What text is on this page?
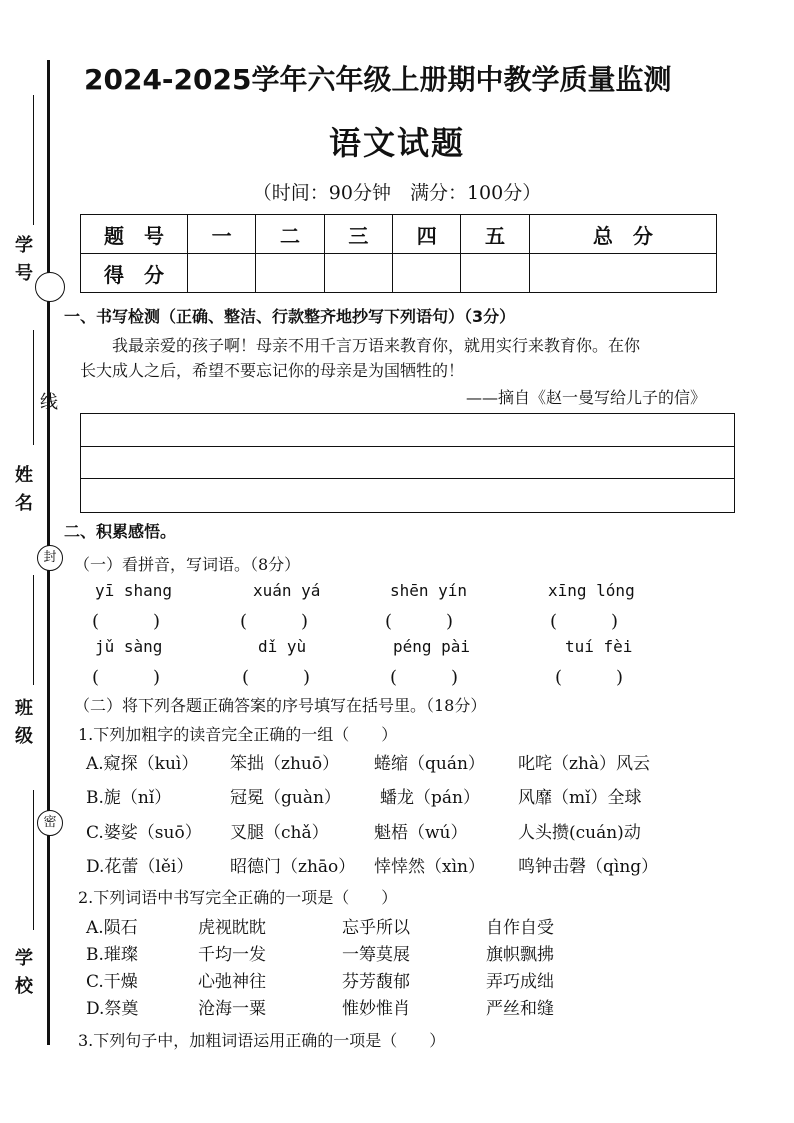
学号
线
姓名
封
班级
密
学校
2024-2025学年六年级上册期中教学质量监测
语文试题
（时间：90分钟　满分：100分）
题　号	一	二	三	四	五	总　分
得　分						
一、书写检测（正确、整洁、行款整齐地抄写下列语句）（3分）
我最亲爱的孩子啊！母亲不用千言万语来教育你，就用实行来教育你。在你
长大成人之后，希望不要忘记你的母亲是为国牺牲的！
——摘自《赵一曼写给儿子的信》
二、积累感悟。
（一）看拼音，写词语。（8分）
yī shang	xuán yá	shēn yín	xīng lóng
(　　　)	(　　　)	(　　　)	(　　　)
jǔ sàng	dǐ yù	péng pài	tuí fèi
(　　　)	(　　　)	(　　　)	(　　　)
（二）将下列各题正确答案的序号填写在括号里。（18分）
1.下列加粗字的读音完全正确的一组（　　）
A.窥探（kuì） 笨拙（zhuō） 蜷缩（quán） 叱咤（zhà）风云
B.旎（nǐ）	冠冕（guàn） 蟠龙（pán） 风靡（mǐ）全球
C.婆娑（suō） 叉腿（chǎ）	魁梧（wú）	人头攒(cuán)动
D.花蕾（lěi） 昭德门（zhāo） 悻悻然（xìn） 鸣钟击磬（qìng）
2.下列词语中书写完全正确的一项是（　　）
A.陨石	虎视眈眈	忘乎所以	自作自受
B.璀璨	千均一发	一筹莫展	旗帜飘拂
C.干燥	心弛神往	芬芳馥郁	弄巧成绌
D.祭奠	沧海一粟	惟妙惟肖	严丝和缝
3.下列句子中，加粗词语运用正确的一项是（　　）
